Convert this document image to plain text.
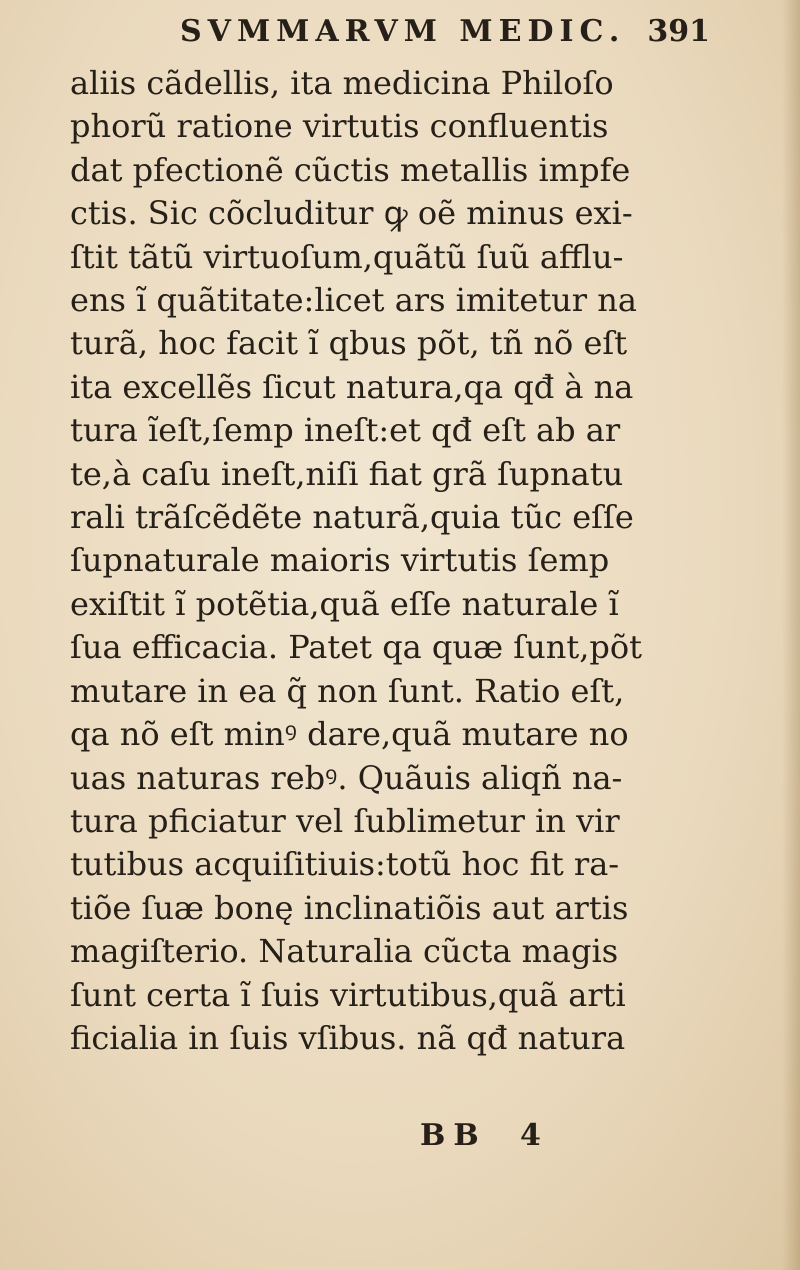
SVMMARVM MEDIC. 391
aliis cãdellis, ita medicina Philoſo
phorũ ratione virtutis confluentis
dat pfectionẽ cũctis metallis impfe
ctis. Sic cõcluditur ꝙ oẽ minus exi-
ſtit tãtũ virtuoſum,quãtũ ſuũ afflu-
ens ĩ quãtitate:licet ars imitetur na
turã, hoc facit ĩ qbus põt, tñ nõ eſt
ita excellẽs ſicut natura,qa qđ à na
tura ĩeſt,ſemp ineſt:et qđ eſt ab ar
te,à caſu ineſt,niſi fiat grã ſupnatu
rali trãſcẽdẽte naturã,quia tũc eſſe
ſupnaturale maioris virtutis ſemp
exiſtit ĩ potẽtia,quã eſſe naturale ĩ
ſua efficacia. Patet qa quæ ſunt,põt
mutare in ea q̃ non ſunt. Ratio eſt,
qa nõ eſt minꝰ dare,quã mutare no
uas naturas rebꝰ. Quãuis aliqñ na-
tura pficiatur vel ſublimetur in vir
tutibus acquiſitiuis:totũ hoc fit ra-
tiõe ſuæ bonę inclinatiõis aut artis
magiſterio. Naturalia cũcta magis
ſunt certa ĩ ſuis virtutibus,quã arti
ficialia in ſuis vſibus. nã qđ natura
BB 4
